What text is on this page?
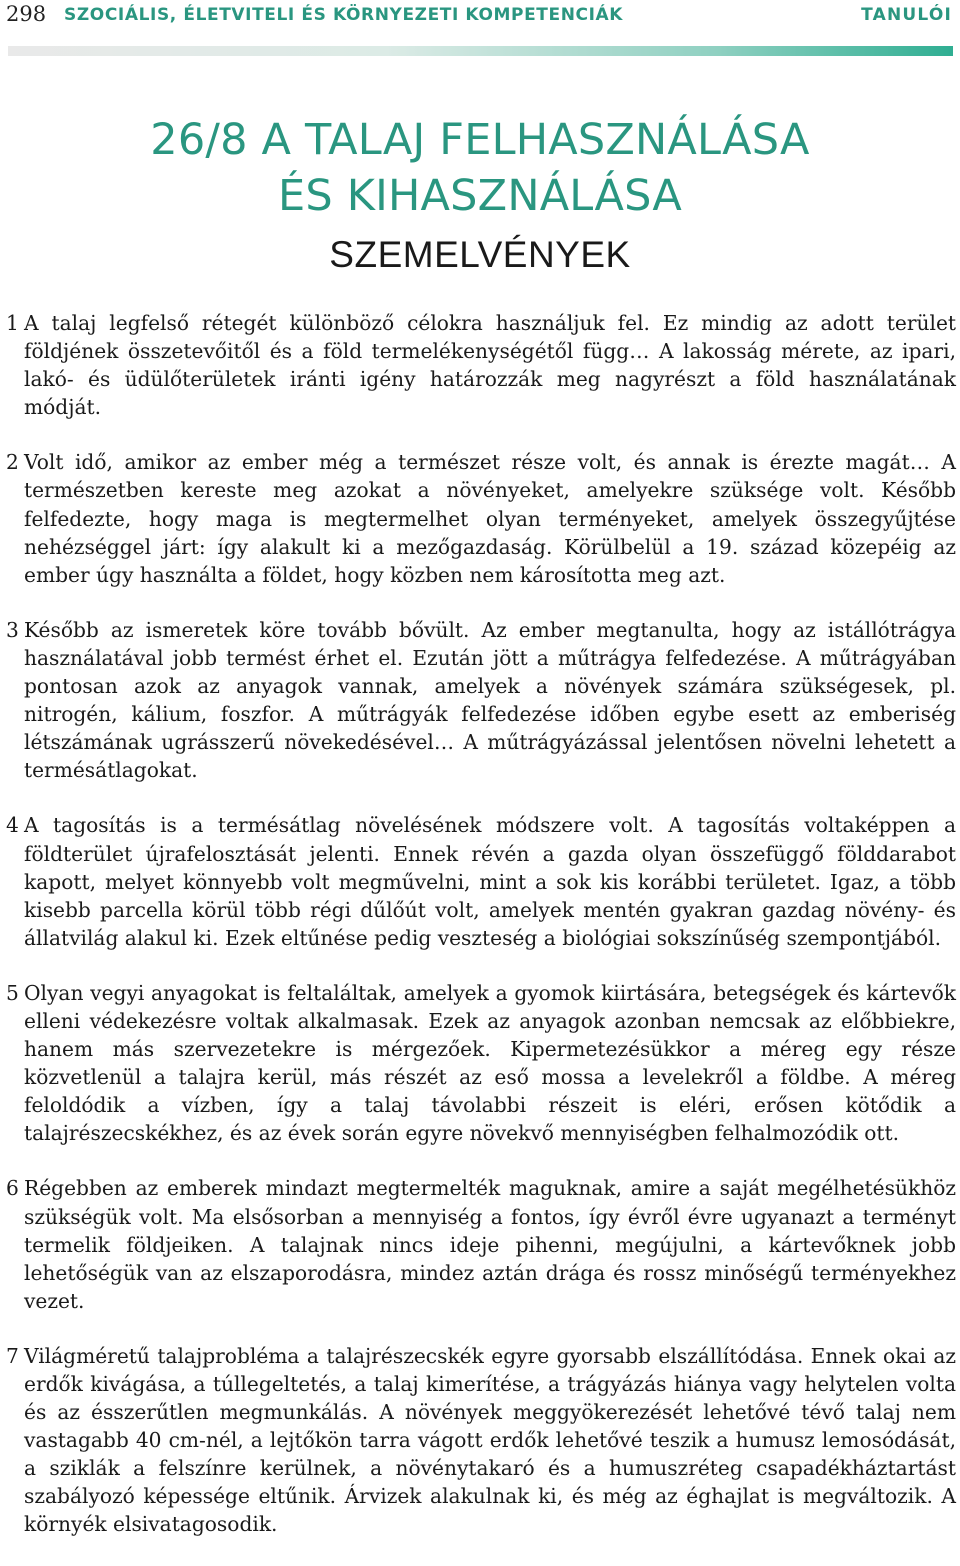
298 SZOCIÁLIS, ÉLETVITELI ÉS KÖRNYEZETI KOMPETENCIÁK	TANULÓI
26/8 A TALAJ FELHASZNÁLÁSA
ÉS KIHASZNÁLÁSA
SZEMELVÉNYEK
1 A talaj legfelső rétegét különböző célokra használjuk fel. Ez mindig az adott terület földjének összetevőitől és a föld termelékenységétől függ… A lakosság mérete, az ipari, lakó- és üdülőterületek iránti igény határozzák meg nagyrészt a föld használatának módját.
2 Volt idő, amikor az ember még a természet része volt, és annak is érezte magát… A természetben kereste meg azokat a növényeket, amelyekre szüksége volt. Később felfedezte, hogy maga is megtermelhet olyan terményeket, amelyek összegyűjtése nehézséggel járt: így alakult ki a mezőgazdaság. Körülbelül a 19. század közepéig az ember úgy használta a földet, hogy közben nem károsította meg azt.
3 Később az ismeretek köre tovább bővült. Az ember megtanulta, hogy az istállótrágya használatával jobb termést érhet el. Ezután jött a műtrágya felfedezése. A műtrágyában pontosan azok az anyagok vannak, amelyek a növények számára szükségesek, pl. nitrogén, kálium, foszfor. A műtrágyák felfedezése időben egybe esett az emberiség létszámának ugrásszerű növekedésével… A műtrágyázással jelentősen növelni lehetett a termésátlagokat.
4 A tagosítás is a termésátlag növelésének módszere volt. A tagosítás voltaképpen a földterület újrafelosztását jelenti. Ennek révén a gazda olyan összefüggő földdarabot kapott, melyet könnyebb volt megművelni, mint a sok kis korábbi területet. Igaz, a több kisebb parcella körül több régi dűlőút volt, amelyek mentén gyakran gazdag növény- és állatvilág alakul ki. Ezek eltűnése pedig veszteség a biológiai sokszínűség szempontjából.
5 Olyan vegyi anyagokat is feltaláltak, amelyek a gyomok kiirtására, betegségek és kártevők elleni védekezésre voltak alkalmasak. Ezek az anyagok azonban nemcsak az előbbiekre, hanem más szervezetekre is mérgezőek. Kipermetezésükkor a méreg egy része közvetlenül a talajra kerül, más részét az eső mossa a levelekről a földbe. A méreg feloldódik a vízben, így a talaj távolabbi részeit is eléri, erősen kötődik a talajrészecskékhez, és az évek során egyre növekvő mennyiségben felhalmozódik ott.
6 Régebben az emberek mindazt megtermelték maguknak, amire a saját megélhetésükhöz szükségük volt. Ma elsősorban a mennyiség a fontos, így évről évre ugyanazt a terményt termelik földjeiken. A talajnak nincs ideje pihenni, megújulni, a kártevőknek jobb lehetőségük van az elszaporodásra, mindez aztán drága és rossz minőségű terményekhez vezet.
7 Világméretű talajprobléma a talajrészecskék egyre gyorsabb elszállítódása. Ennek okai az erdők kivágása, a túllegeltetés, a talaj kimerítése, a trágyázás hiánya vagy helytelen volta és az ésszerűtlen megmunkálás. A növények meggyökerezését lehetővé tévő talaj nem vastagabb 40 cm-nél, a lejtőkön tarra vágott erdők lehetővé teszik a humusz lemosódását, a sziklák a felszínre kerülnek, a növénytakaró és a humuszréteg csapadékháztartást szabályozó képessége eltűnik. Árvizek alakulnak ki, és még az éghajlat is megváltozik. A környék elsivatagosodik.
